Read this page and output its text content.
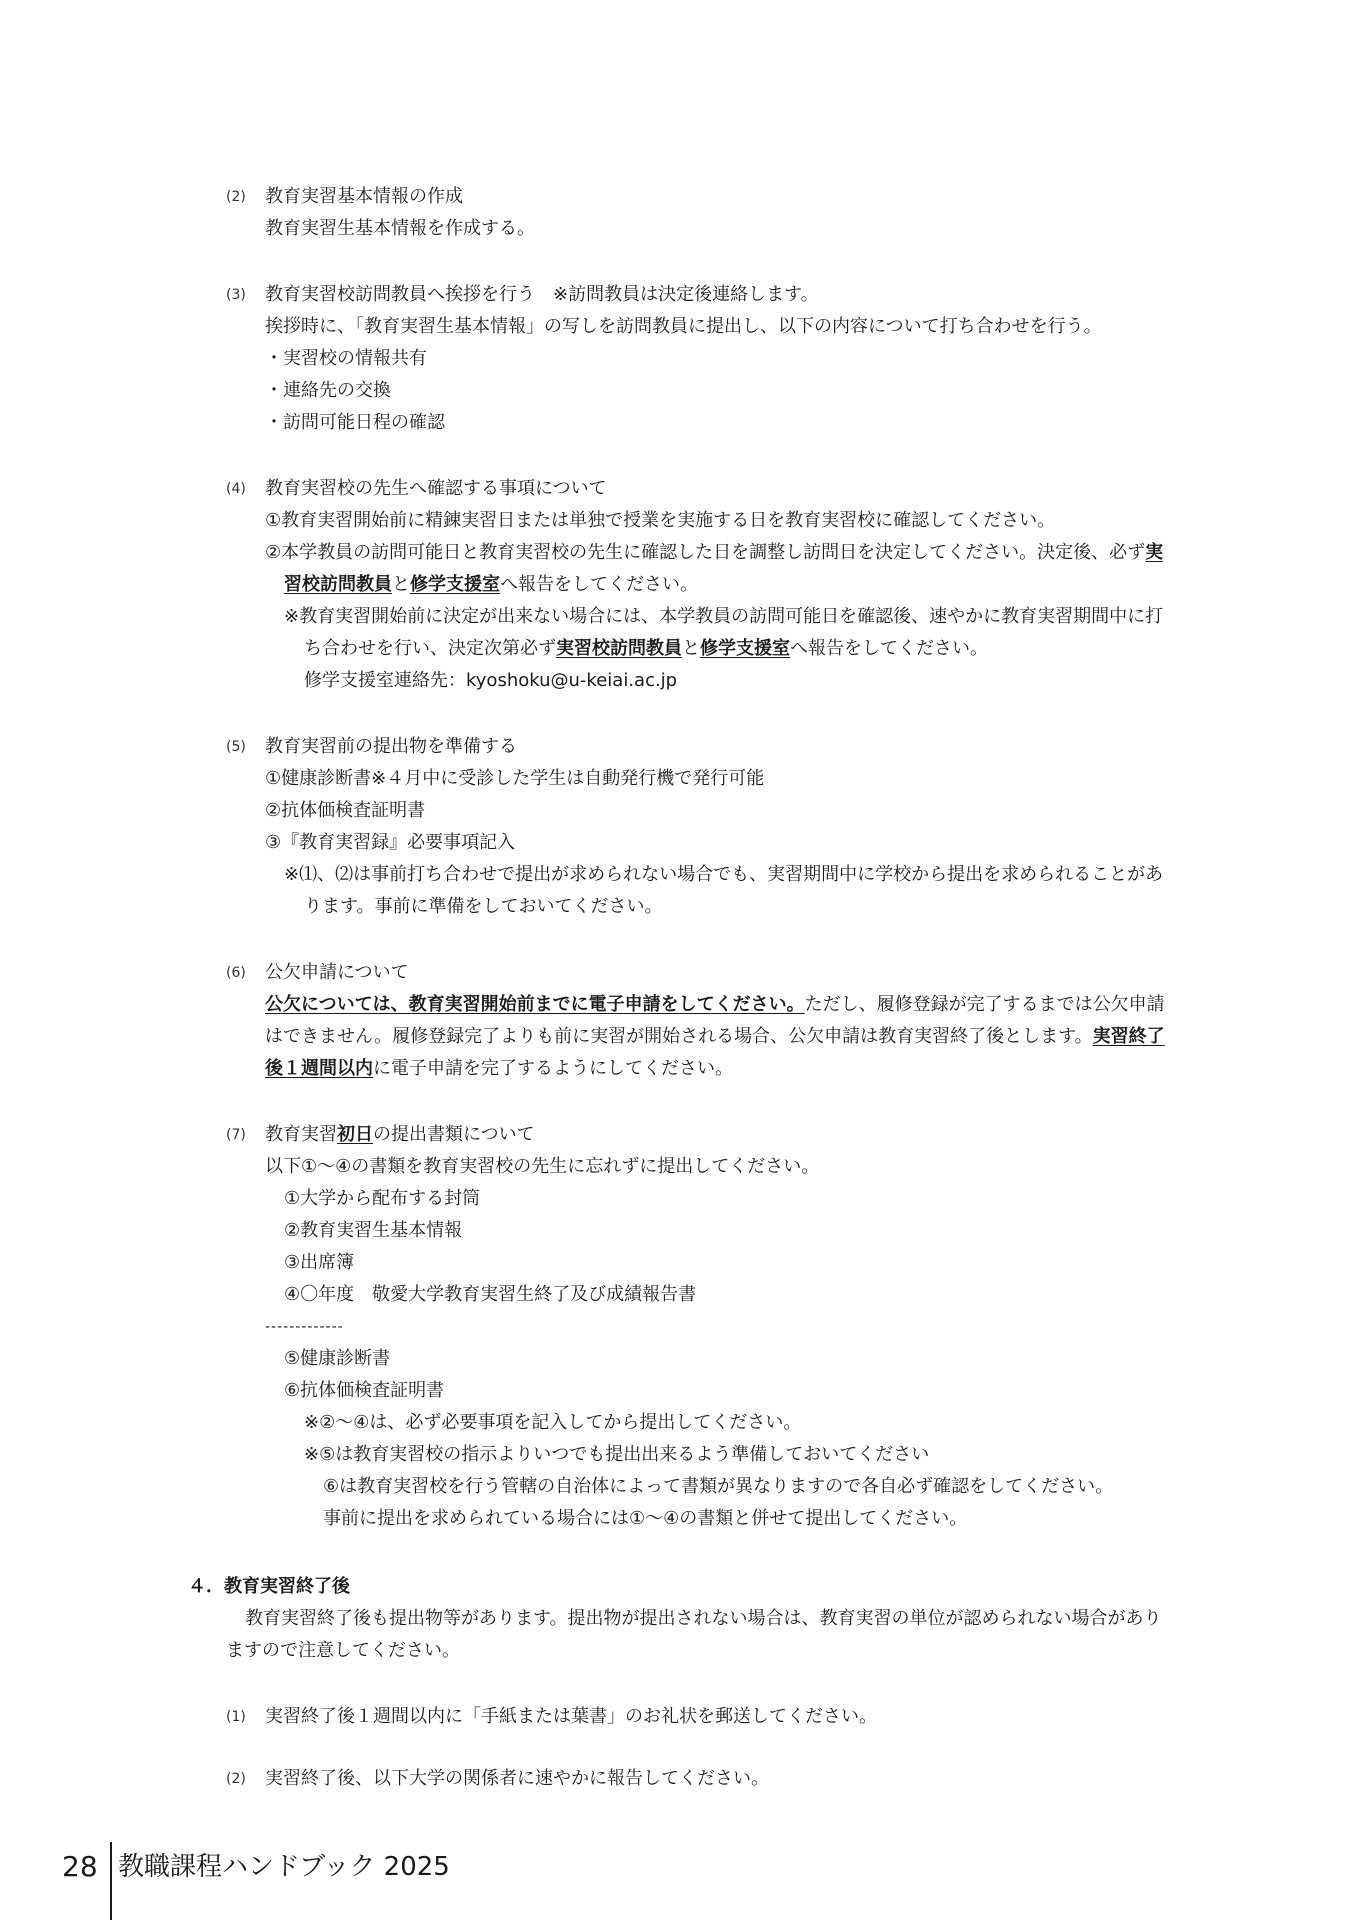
(2) 教育実習基本情報の作成
教育実習生基本情報を作成する。
(3) 教育実習校訪問教員へ挨拶を行う　※訪問教員は決定後連絡します。
挨拶時に、「教育実習生基本情報」の写しを訪問教員に提出し、以下の内容について打ち合わせを行う。
・実習校の情報共有
・連絡先の交換
・訪問可能日程の確認
(4) 教育実習校の先生へ確認する事項について
①教育実習開始前に精錬実習日または単独で授業を実施する日を教育実習校に確認してください。
②本学教員の訪問可能日と教育実習校の先生に確認した日を調整し訪問日を決定してください。決定後、必ず実
習校訪問教員と修学支援室へ報告をしてください。
※教育実習開始前に決定が出来ない場合には、本学教員の訪問可能日を確認後、速やかに教育実習期間中に打
ち合わせを行い、決定次第必ず実習校訪問教員と修学支援室へ報告をしてください。
修学支援室連絡先：kyoshoku@u-keiai.ac.jp
(5) 教育実習前の提出物を準備する
①健康診断書※４月中に受診した学生は自動発行機で発行可能
②抗体価検査証明書
③『教育実習録』必要事項記入
※⑴、⑵は事前打ち合わせで提出が求められない場合でも、実習期間中に学校から提出を求められることがあ
ります。事前に準備をしておいてください。
(6) 公欠申請について
公欠については、教育実習開始前までに電子申請をしてください。ただし、履修登録が完了するまでは公欠申請
はできません。履修登録完了よりも前に実習が開始される場合、公欠申請は教育実習終了後とします。実習終了
後１週間以内に電子申請を完了するようにしてください。
(7) 教育実習初日の提出書類について
以下①～④の書類を教育実習校の先生に忘れずに提出してください。
①大学から配布する封筒
②教育実習生基本情報
③出席簿
④〇年度　敬愛大学教育実習生終了及び成績報告書
-------------
⑤健康診断書
⑥抗体価検査証明書
※②～④は、必ず必要事項を記入してから提出してください。
※⑤は教育実習校の指示よりいつでも提出出来るよう準備しておいてください
⑥は教育実習校を行う管轄の自治体によって書類が異なりますので各自必ず確認をしてください。
事前に提出を求められている場合には①～④の書類と併せて提出してください。
４．教育実習終了後
教育実習終了後も提出物等があります。提出物が提出されない場合は、教育実習の単位が認められない場合があり
ますので注意してください。
(1) 実習終了後１週間以内に「手紙または葉書」のお礼状を郵送してください。
(2) 実習終了後、以下大学の関係者に速やかに報告してください。
28 教職課程ハンドブック 2025
